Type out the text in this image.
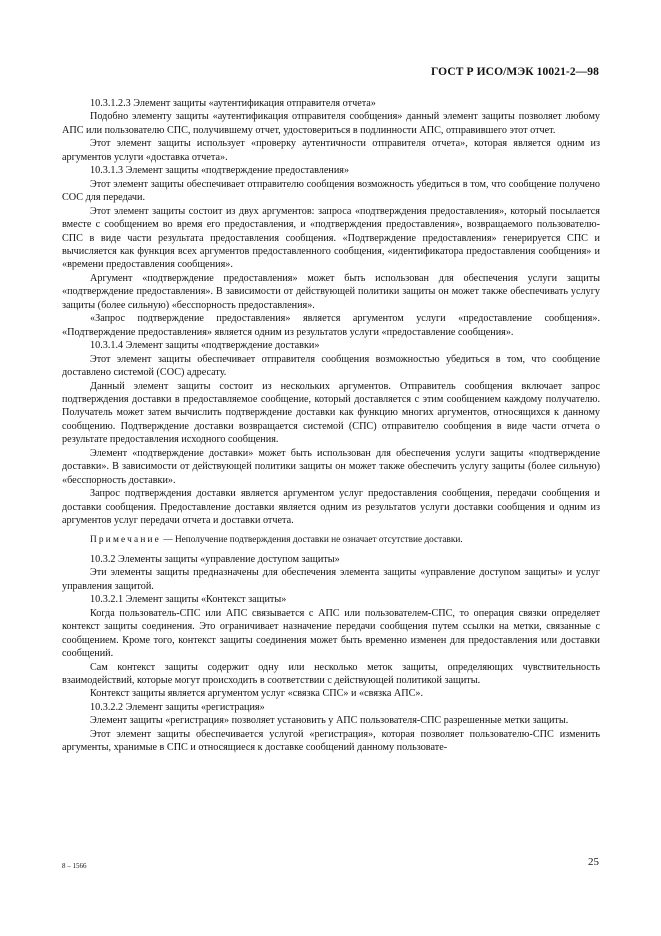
ГОСТ Р ИСО/МЭК 10021-2—98

10.3.1.2.3 Элемент защиты «аутентификация отправителя отчета»

Подобно элементу защиты «аутентификация отправителя сообщения» данный элемент защиты позволяет любому АПС или пользователю СПС, получившему отчет, удостовериться в подлинности АПС, отправившего этот отчет.

Этот элемент защиты использует «проверку аутентичности отправителя отчета», которая является одним из аргументов услуги «доставка отчета».

10.3.1.3 Элемент защиты «подтверждение предоставления»

Этот элемент защиты обеспечивает отправителю сообщения возможность убедиться в том, что сообщение получено СОС для передачи.

Этот элемент защиты состоит из двух аргументов: запроса «подтверждения предоставления», который посылается вместе с сообщением во время его предоставления, и «подтверждения предоставления», возвращаемого пользователю-СПС в виде части результата предоставления сообщения. «Подтверждение предоставления» генерируется СПС и вычисляется как функция всех аргументов предоставленного сообщения, «идентификатора предоставления сообщения» и «времени предоставления сообщения».

Аргумент «подтверждение предоставления» может быть использован для обеспечения услуги защиты «подтверждение предоставления». В зависимости от действующей политики защиты он может также обеспечивать услугу защиты (более сильную) «бесспорность предоставления».

«Запрос подтверждение предоставления» является аргументом услуги «предоставление сообщения». «Подтверждение предоставления» является одним из результатов услуги «предоставление сообщения».

10.3.1.4 Элемент защиты «подтверждение доставки»

Этот элемент защиты обеспечивает отправителя сообщения возможностью убедиться в том, что сообщение доставлено системой (СОС) адресату.

Данный элемент защиты состоит из нескольких аргументов. Отправитель сообщения включает запрос подтверждения доставки в предоставляемое сообщение, который доставляется с этим сообщением каждому получателю. Получатель может затем вычислить подтверждение доставки как функцию многих аргументов, относящихся к данному сообщению. Подтверждение доставки возвращается системой (СПС) отправителю сообщения в виде части отчета о результате предоставления исходного сообщения.

Элемент «подтверждение доставки» может быть использован для обеспечения услуги защиты «подтверждение доставки». В зависимости от действующей политики защиты он может также обеспечить услугу защиты (более сильную) «бесспорность доставки».

Запрос подтверждения доставки является аргументом услуг предоставления сообщения, передачи сообщения и доставки сообщения. Предоставление доставки является одним из результатов услуги доставки сообщения и одним из аргументов услуг передачи отчета и доставки отчета.

Примечание — Неполучение подтверждения доставки не означает отсутствие доставки.

10.3.2 Элементы защиты «управление доступом защиты»

Эти элементы защиты предназначены для обеспечения элемента защиты «управление доступом защиты» и услуг управления защитой.

10.3.2.1 Элемент защиты «Контекст защиты»

Когда пользователь-СПС или АПС связывается с АПС или пользователем-СПС, то операция связки определяет контекст защиты соединения. Это ограничивает назначение передачи сообщения путем ссылки на метки, связанные с сообщением. Кроме того, контекст защиты соединения может быть временно изменен для предоставления или доставки сообщений.

Сам контекст защиты содержит одну или несколько меток защиты, определяющих чувствительность взаимодействий, которые могут происходить в соответствии с действующей политикой защиты.

Контекст защиты является аргументом услуг «связка СПС» и «связка АПС».

10.3.2.2 Элемент защиты «регистрация»

Элемент защиты «регистрация» позволяет установить у АПС пользователя-СПС разрешенные метки защиты.

Этот элемент защиты обеспечивается услугой «регистрация», которая позволяет пользователю-СПС изменить аргументы, хранимые в СПС и относящиеся к доставке сообщений данному пользовате-

8 – 1566	25
